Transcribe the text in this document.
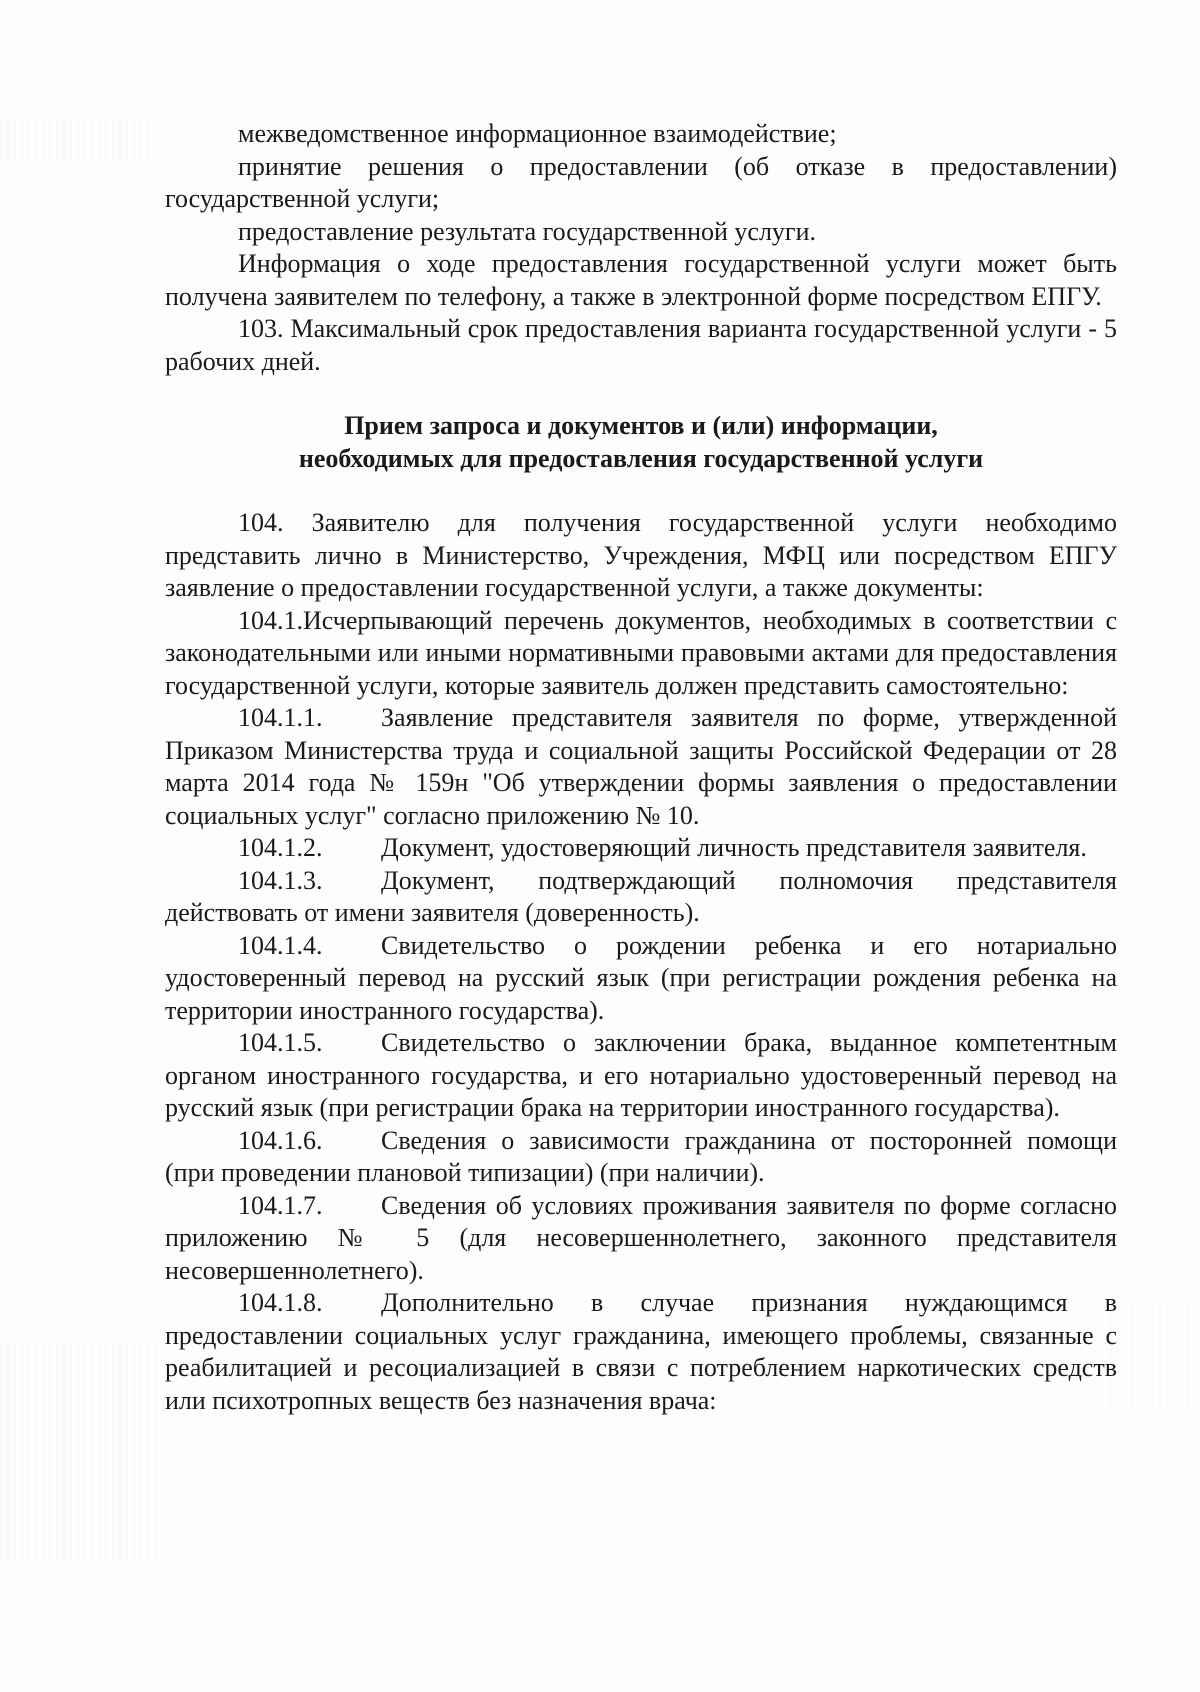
межведомственное информационное взаимодействие;

принятие решения о предоставлении (об отказе в предоставлении) государственной услуги;

предоставление результата государственной услуги.

Информация о ходе предоставления государственной услуги может быть получена заявителем по телефону, а также в электронной форме посредством ЕПГУ.

103. Максимальный срок предоставления варианта государственной услуги - 5 рабочих дней.

Прием запроса и документов и (или) информации,

необходимых для предоставления государственной услуги

104. Заявителю для получения государственной услуги необходимо представить лично в Министерство, Учреждения, МФЦ или посредством ЕПГУ заявление о предоставлении государственной услуги, а также документы:

104.1.Исчерпывающий перечень документов, необходимых в соответствии с законодательными или иными нормативными правовыми актами для предоставления государственной услуги, которые заявитель должен представить самостоятельно:

104.1.1. Заявление представителя заявителя по форме, утвержденной Приказом Министерства труда и социальной защиты Российской Федерации от 28 марта 2014 года № 159н "Об утверждении формы заявления о предоставлении социальных услуг" согласно приложению № 10.

104.1.2. Документ, удостоверяющий личность представителя заявителя.

104.1.3. Документ, подтверждающий полномочия представителя действовать от имени заявителя (доверенность).

104.1.4. Свидетельство о рождении ребенка и его нотариально удостоверенный перевод на русский язык (при регистрации рождения ребенка на территории иностранного государства).

104.1.5. Свидетельство о заключении брака, выданное компетентным органом иностранного государства, и его нотариально удостоверенный перевод на русский язык (при регистрации брака на территории иностранного государства).

104.1.6. Сведения о зависимости гражданина от посторонней помощи (при проведении плановой типизации) (при наличии).

104.1.7. Сведения об условиях проживания заявителя по форме согласно приложению № 5 (для несовершеннолетнего, законного представителя несовершеннолетнего).

104.1.8. Дополнительно в случае признания нуждающимся в предоставлении социальных услуг гражданина, имеющего проблемы, связанные с реабилитацией и ресоциализацией в связи с потреблением наркотических средств или психотропных веществ без назначения врача:
